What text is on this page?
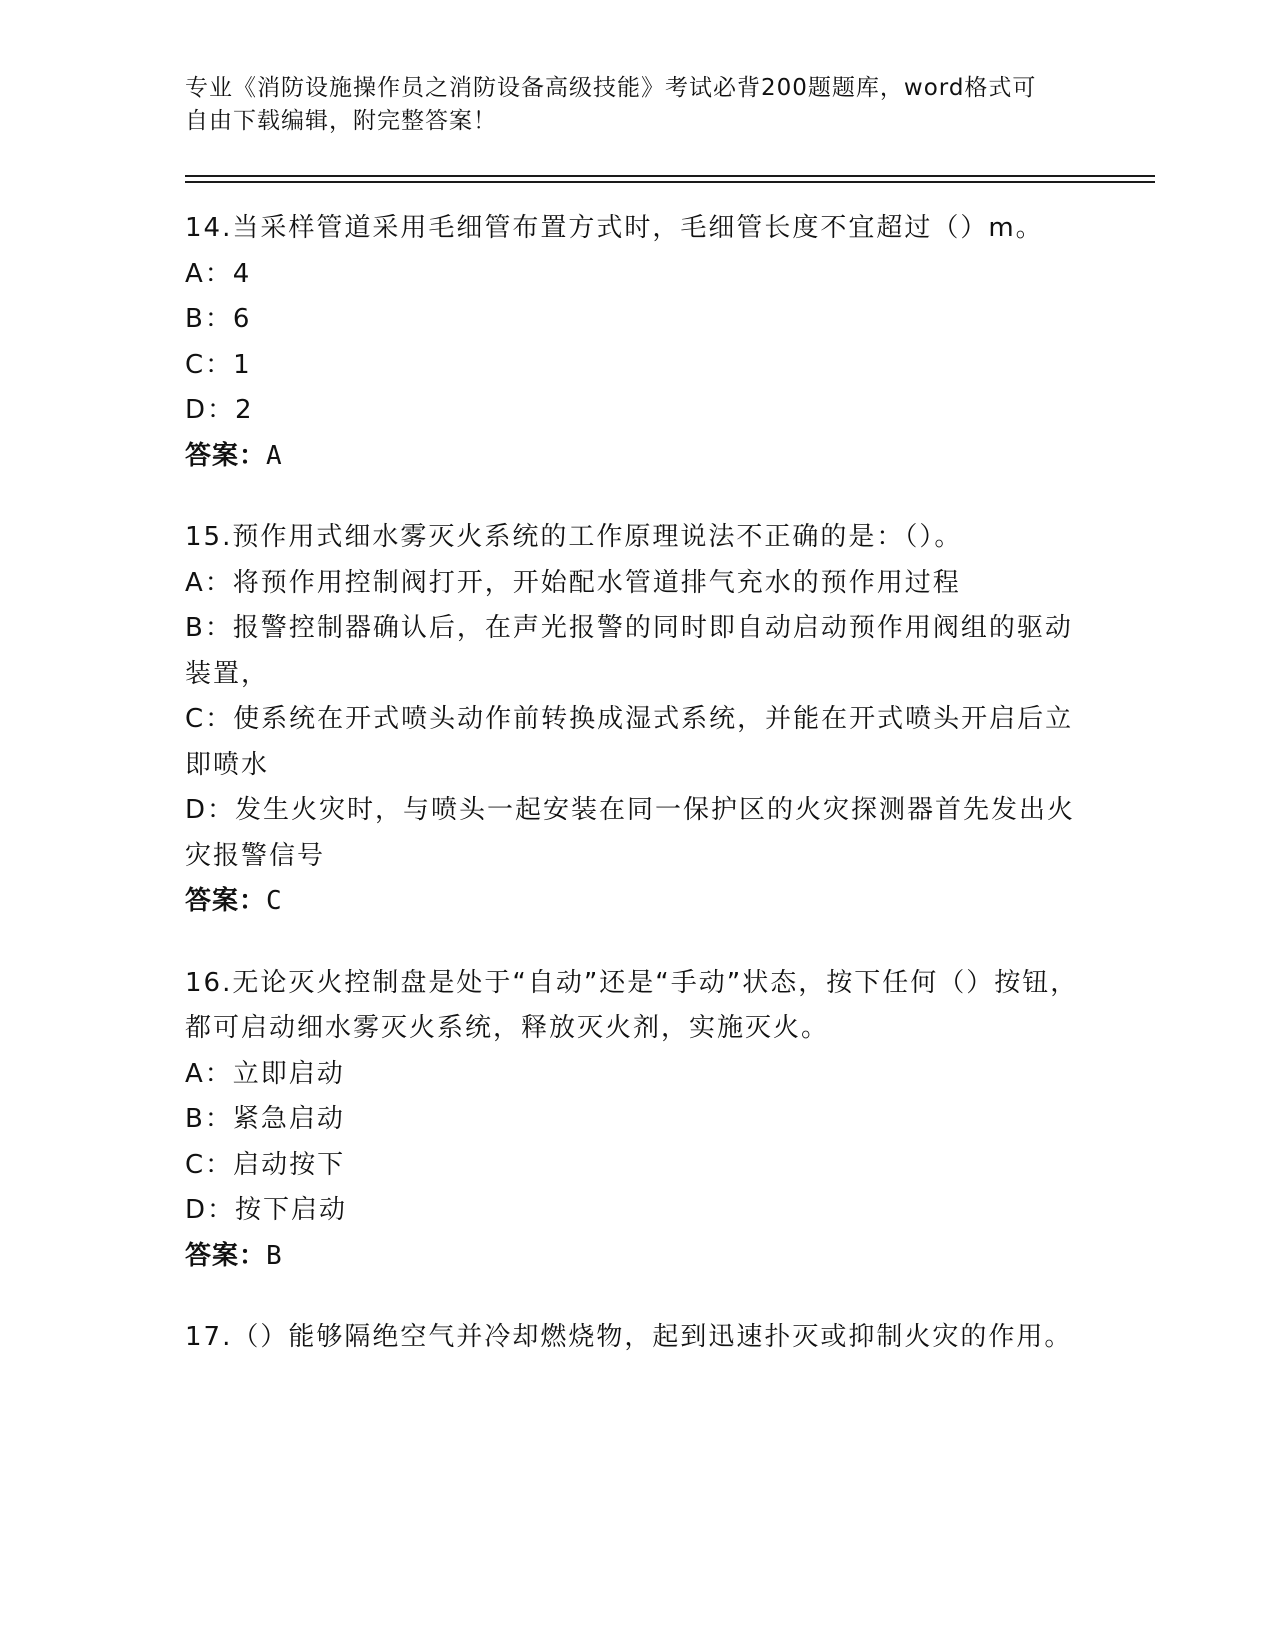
专业《消防设施操作员之消防设备高级技能》考试必背200题题库，word格式可
自由下载编辑，附完整答案！
14.当采样管道采用毛细管布置方式时，毛细管长度不宜超过（）m。
A：4
B：6
C：1
D：2
答案：A
15.预作用式细水雾灭火系统的工作原理说法不正确的是：（）。
A：将预作用控制阀打开，开始配水管道排气充水的预作用过程
B：报警控制器确认后，在声光报警的同时即自动启动预作用阀组的驱动装置，
C：使系统在开式喷头动作前转换成湿式系统，并能在开式喷头开启后立即喷水
D：发生火灾时，与喷头一起安装在同一保护区的火灾探测器首先发出火灾报警信号
答案：C
16.无论灭火控制盘是处于“自动”还是“手动”状态，按下任何（）按钮，都可启动细水雾灭火系统，释放灭火剂，实施灭火。
A：立即启动
B：紧急启动
C：启动按下
D：按下启动
答案：B
17.（）能够隔绝空气并冷却燃烧物，起到迅速扑灭或抑制火灾的作用。
